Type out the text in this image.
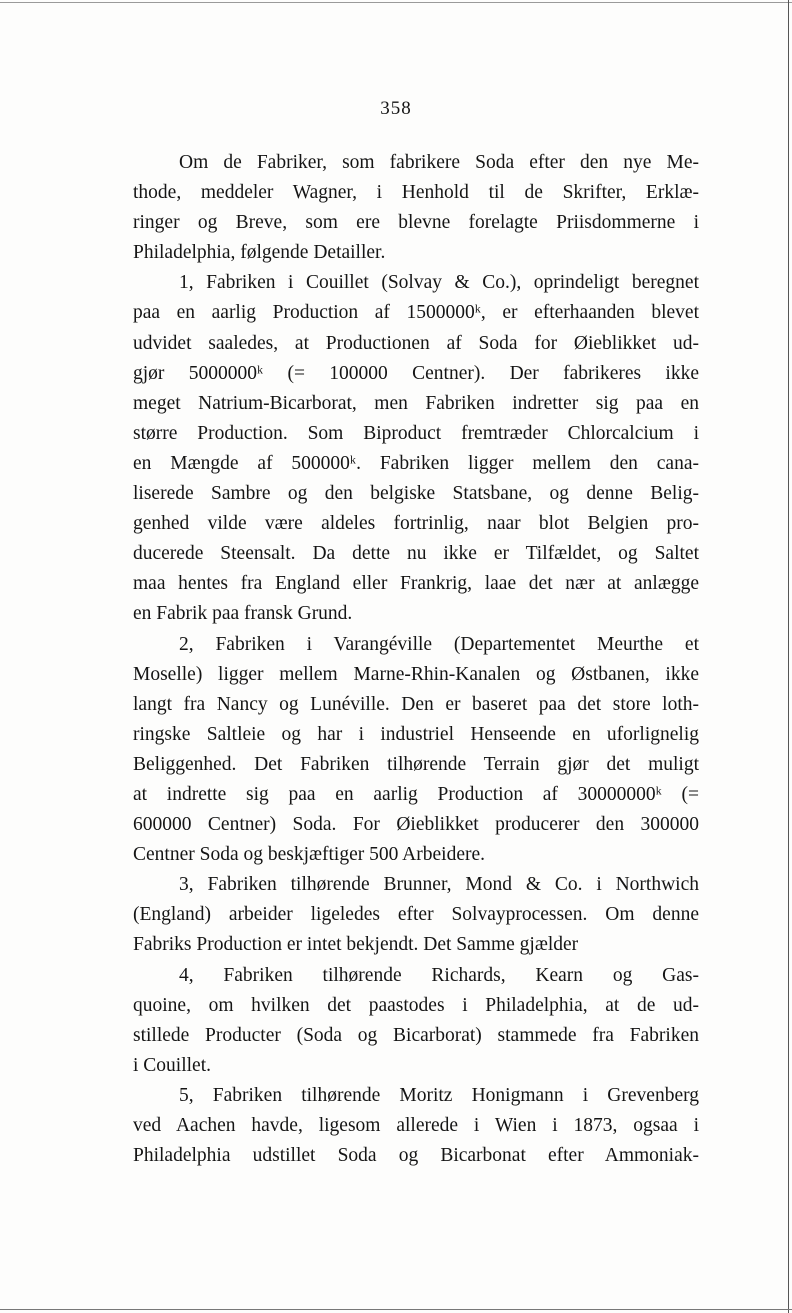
358
Om de Fabriker, som fabrikere Soda efter den nye Me-
thode, meddeler Wagner, i Henhold til de Skrifter, Erklæ-
ringer og Breve, som ere blevne forelagte Priisdommerne i
Philadelphia, følgende Detailler.
1, Fabriken i Couillet (Solvay & Co.), oprindeligt beregnet
paa en aarlig Production af 1500000ᵏ, er efterhaanden blevet
udvidet saaledes, at Productionen af Soda for Øieblikket ud-
gjør 5000000ᵏ (= 100000 Centner). Der fabrikeres ikke
meget Natrium-Bicarborat, men Fabriken indretter sig paa en
større Production. Som Biproduct fremtræder Chlorcalcium i
en Mængde af 500000ᵏ. Fabriken ligger mellem den cana-
liserede Sambre og den belgiske Statsbane, og denne Belig-
genhed vilde være aldeles fortrinlig, naar blot Belgien pro-
ducerede Steensalt. Da dette nu ikke er Tilfældet, og Saltet
maa hentes fra England eller Frankrig, laae det nær at anlægge
en Fabrik paa fransk Grund.
2, Fabriken i Varangéville (Departementet Meurthe et
Moselle) ligger mellem Marne-Rhin-Kanalen og Østbanen, ikke
langt fra Nancy og Lunéville. Den er baseret paa det store loth-
ringske Saltleie og har i industriel Henseende en uforlignelig
Beliggenhed. Det Fabriken tilhørende Terrain gjør det muligt
at indrette sig paa en aarlig Production af 30000000ᵏ (=
600000 Centner) Soda. For Øieblikket producerer den 300000
Centner Soda og beskjæftiger 500 Arbeidere.
3, Fabriken tilhørende Brunner, Mond & Co. i Northwich
(England) arbeider ligeledes efter Solvayprocessen. Om denne
Fabriks Production er intet bekjendt. Det Samme gjælder
4, Fabriken tilhørende Richards, Kearn og Gas-
quoine, om hvilken det paastodes i Philadelphia, at de ud-
stillede Producter (Soda og Bicarborat) stammede fra Fabriken
i Couillet.
5, Fabriken tilhørende Moritz Honigmann i Grevenberg
ved Aachen havde, ligesom allerede i Wien i 1873, ogsaa i
Philadelphia udstillet Soda og Bicarbonat efter Ammoniak-
